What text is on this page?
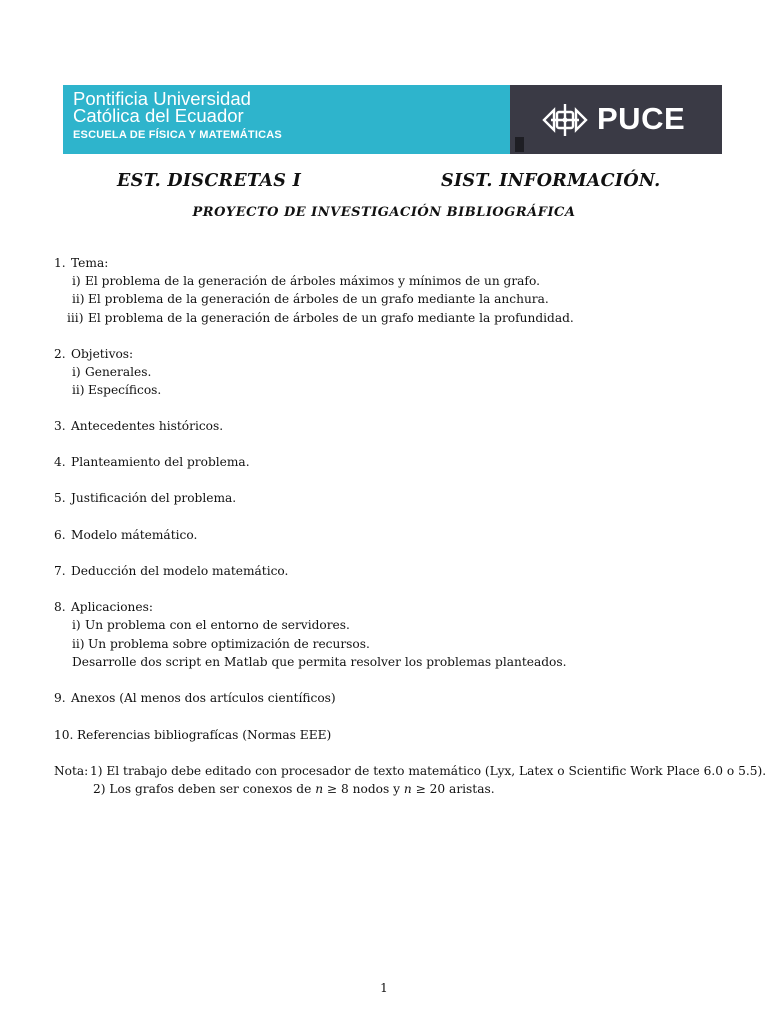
Pontificia Universidad
Católica del Ecuador
ESCUELA DE FÍSICA Y MATEMÁTICAS	PUCE
EST. DISCRETAS I	SIST. INFORMACIÓN.
PROYECTO DE INVESTIGACIÓN BIBLIOGRÁFICA
1. Tema:
i) El problema de la generación de árboles máximos y mínimos de un grafo.
ii) El problema de la generación de árboles de un grafo mediante la anchura.
iii) El problema de la generación de árboles de un grafo mediante la profundidad.
2. Objetivos:
i) Generales.
ii) Específicos.
3. Antecedentes históricos.
4. Planteamiento del problema.
5. Justificación del problema.
6. Modelo mátemático.
7. Deducción del modelo matemático.
8. Aplicaciones:
i) Un problema con el entorno de servidores.
ii) Un problema sobre optimización de recursos.
Desarrolle dos script en Matlab que permita resolver los problemas planteados.
9. Anexos (Al menos dos artículos científicos)
10. Referencias bibliografícas (Normas EEE)
Nota: 1) El trabajo debe editado con procesador de texto matemático (Lyx, Latex o Scientific Work Place 6.0 o 5.5).
2) Los grafos deben ser conexos de n ≥ 8 nodos y n ≥ 20 aristas.
1
